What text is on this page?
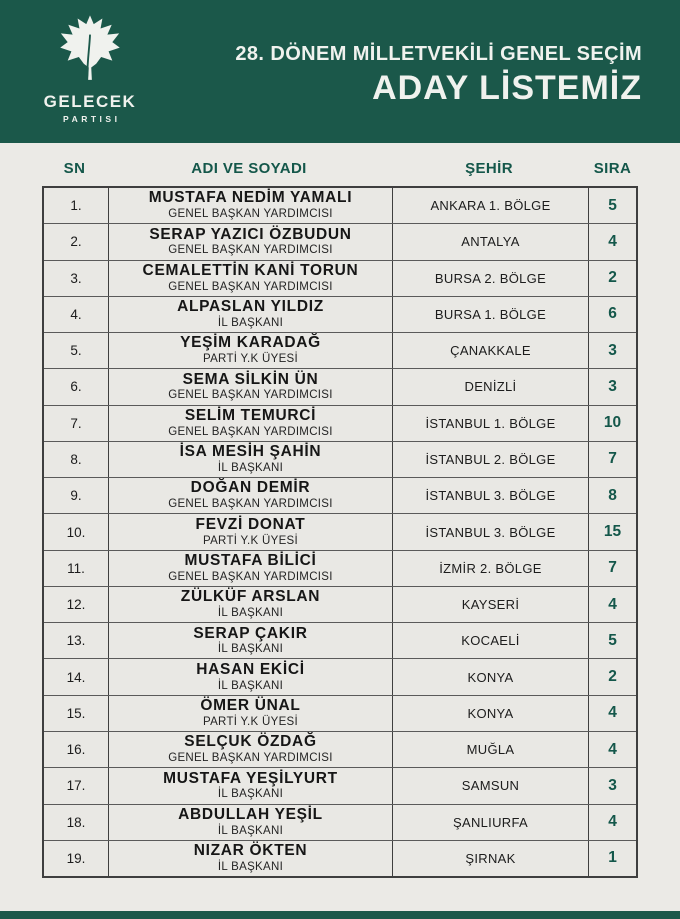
GELECEK
PARTISI
28. DÖNEM MİLLETVEKİLİ GENEL SEÇİM
ADAY LİSTEMİZ
SN	ADI VE SOYADI	ŞEHİR	SIRA
1.	MUSTAFA NEDİM YAMALI
GENEL BAŞKAN YARDIMCISI
ANKARA 1. BÖLGE	5
2.	SERAP YAZICI ÖZBUDUN
GENEL BAŞKAN YARDIMCISI
ANTALYA	4
3.	CEMALETTİN KANİ TORUN
GENEL BAŞKAN YARDIMCISI
BURSA 2. BÖLGE	2
4.	ALPASLAN YILDIZ
İL BAŞKANI
BURSA 1. BÖLGE	6
5.	YEŞİM KARADAĞ
PARTİ Y.K ÜYESİ
ÇANAKKALE	3
6.	SEMA SİLKİN ÜN
GENEL BAŞKAN YARDIMCISI
DENİZLİ	3
7.	SELİM TEMURCİ
GENEL BAŞKAN YARDIMCISI
İSTANBUL 1. BÖLGE	10
8.	İSA MESİH ŞAHİN
İL BAŞKANI
İSTANBUL 2. BÖLGE	7
9.	DOĞAN DEMİR
GENEL BAŞKAN YARDIMCISI
İSTANBUL 3. BÖLGE	8
10.	FEVZİ DONAT
PARTİ Y.K ÜYESİ
İSTANBUL 3. BÖLGE	15
11.	MUSTAFA BİLİCİ
GENEL BAŞKAN YARDIMCISI
İZMİR 2. BÖLGE	7
12.	ZÜLKÜF ARSLAN
İL BAŞKANI
KAYSERİ	4
13.	SERAP ÇAKIR
İL BAŞKANI
KOCAELİ	5
14.	HASAN EKİCİ
İL BAŞKANI
KONYA	2
15.	ÖMER ÜNAL
PARTİ Y.K ÜYESİ
KONYA	4
16.	SELÇUK ÖZDAĞ
GENEL BAŞKAN YARDIMCISI
MUĞLA	4
17.	MUSTAFA YEŞİLYURT
İL BAŞKANI
SAMSUN	3
18.	ABDULLAH YEŞİL
İL BAŞKANI
ŞANLIURFA	4
19.	NIZAR ÖKTEN
İL BAŞKANI
ŞIRNAK	1
